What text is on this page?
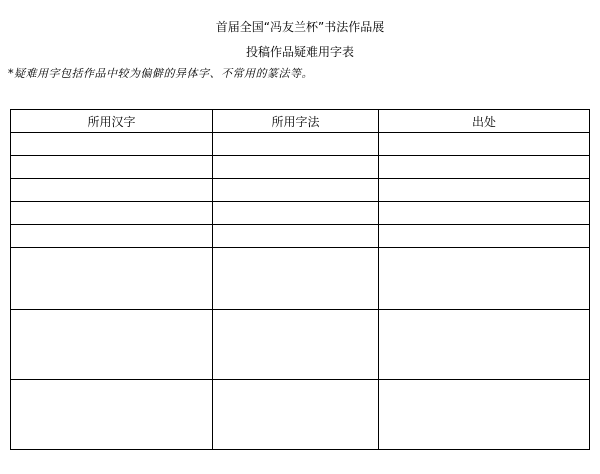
首届全国“冯友兰杯”书法作品展
投稿作品疑难用字表
*疑难用字包括作品中较为偏僻的异体字、不常用的篆法等。
所用汉字	所用字法	出处
